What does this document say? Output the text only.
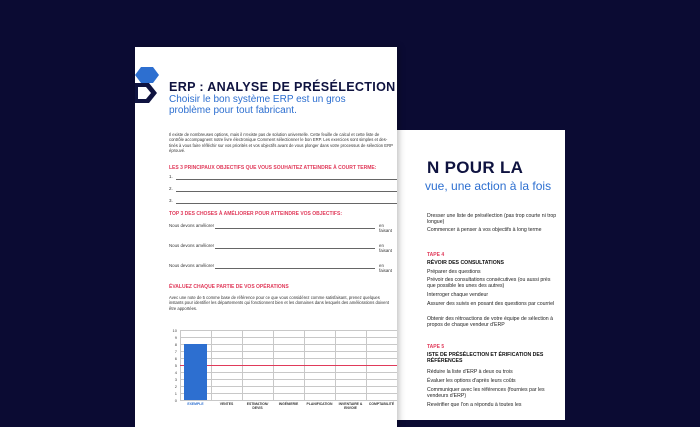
N POUR LA
vue, une action à la fois
Dresser une liste de présélection (pas trop courte ni trop longue)
Commencer à penser à vos objectifs à long terme
TAPE 4
RÉVOIR DES CONSULTATIONS
Préparer des questions
Prévoir des consultations consécutives (ou aussi près que possible les unes des autres)
Interroger chaque vendeur
Assurer des suivis en posant des questions par courriel
Obtenir des rétroactions de votre équipe de sélection à propos de chaque vendeur d'ERP
TAPE 5
ISTE DE PRÉSÉLECTION ET ÉRIFICATION DES RÉFÉRENCES
Réduire la liste d'ERP à deux ou trois
Évaluer les options d'après leurs coûts
Communiquer avec les références (fournies par les vendeurs d'ERP)
Revérifier que l'on a répondu à toutes les
ERP : ANALYSE DE PRÉSÉLECTION
Choisir le bon système ERP est un gros problème pour tout fabricant.
Il existe de nombreuses options, mais il n'existe pas de solution universelle. Cette feuille de calcul et cette liste de contrôle accompagnent notre livre électronique Comment sélectionner le bon ERP. Les exercices sont simples et des-tinés à vous faire réfléchir sur vos priorités et vos objectifs avant de vous plonger dans votre processus de sélection ERP éprouvé.
LES 3 PRINCIPAUX OBJECTIFS QUE VOUS SOUHAITEZ ATTEINDRE À COURT TERME:
1.
2.
3.
TOP 3 DES CHOSES À AMÉLIORER POUR ATTEINDRE VOS OBJECTIFS:
Nous devons améliorer	en faisant
Nous devons améliorer	en faisant
Nous devons améliorer	en faisant
ÉVALUEZ CHAQUE PARTIE DE VOS OPÉRATIONS
Avec une note de 5 comme base de référence pour ce que vous considérez comme satisfaisant, prenez quelques instants pour identifier les départements qui fonctionnent bien et les domaines dans lesquels des améliorations doivent être apportées.
0
1
2
3
4
5
6
7
8
9
10
EXEMPLE	VENTES	ESTIMATION/ DEVIS
INGÉNIERIE	PLANIFICATION	INVENTAIRE & ENVOIE
COMPTABILITÉ
